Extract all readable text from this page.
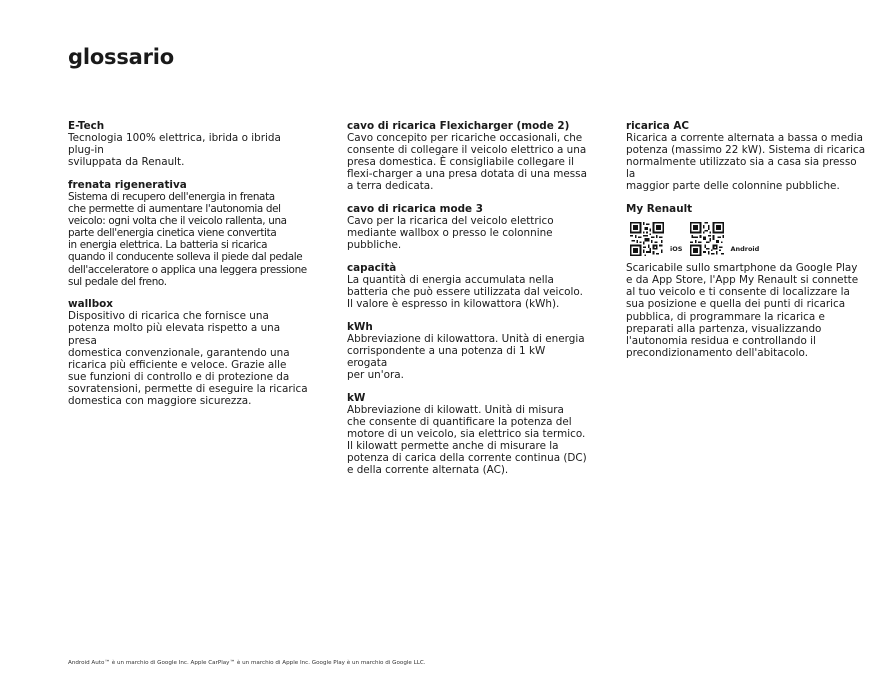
glossario
E-Tech
Tecnologia 100% elettrica, ibrida o ibrida plug-in
sviluppata da Renault.
frenata rigenerativa
Sistema di recupero dell'energia in frenata
che permette di aumentare l'autonomia del
veicolo: ogni volta che il veicolo rallenta, una
parte dell'energia cinetica viene convertita
in energia elettrica. La batteria si ricarica
quando il conducente solleva il piede dal pedale
dell'acceleratore o applica una leggera pressione
sul pedale del freno.
wallbox
Dispositivo di ricarica che fornisce una
potenza molto più elevata rispetto a una presa
domestica convenzionale, garantendo una
ricarica più efficiente e veloce. Grazie alle
sue funzioni di controllo e di protezione da
sovratensioni, permette di eseguire la ricarica
domestica con maggiore sicurezza.
cavo di ricarica Flexicharger (mode 2)
Cavo concepito per ricariche occasionali, che
consente di collegare il veicolo elettrico a una
presa domestica. È consigliabile collegare il
flexi-charger a una presa dotata di una messa
a terra dedicata.
cavo di ricarica mode 3
Cavo per la ricarica del veicolo elettrico
mediante wallbox o presso le colonnine
pubbliche.
capacità
La quantità di energia accumulata nella
batteria che può essere utilizzata dal veicolo.
Il valore è espresso in kilowattora (kWh).
kWh
Abbreviazione di kilowattora. Unità di energia
corrispondente a una potenza di 1 kW erogata
per un'ora.
kW
Abbreviazione di kilowatt. Unità di misura
che consente di quantificare la potenza del
motore di un veicolo, sia elettrico sia termico.
Il kilowatt permette anche di misurare la
potenza di carica della corrente continua (DC)
e della corrente alternata (AC).
ricarica AC
Ricarica a corrente alternata a bassa o media
potenza (massimo 22 kW). Sistema di ricarica
normalmente utilizzato sia a casa sia presso la
maggior parte delle colonnine pubbliche.
My Renault
iOS	Android
Scaricabile sullo smartphone da Google Play
e da App Store, l'App My Renault si connette
al tuo veicolo e ti consente di localizzare la
sua posizione e quella dei punti di ricarica
pubblica, di programmare la ricarica e
preparati alla partenza, visualizzando
l'autonomia residua e controllando il
precondizionamento dell'abitacolo.
Android Auto™ è un marchio di Google Inc. Apple CarPlay™ è un marchio di Apple Inc. Google Play è un marchio di Google LLC.
